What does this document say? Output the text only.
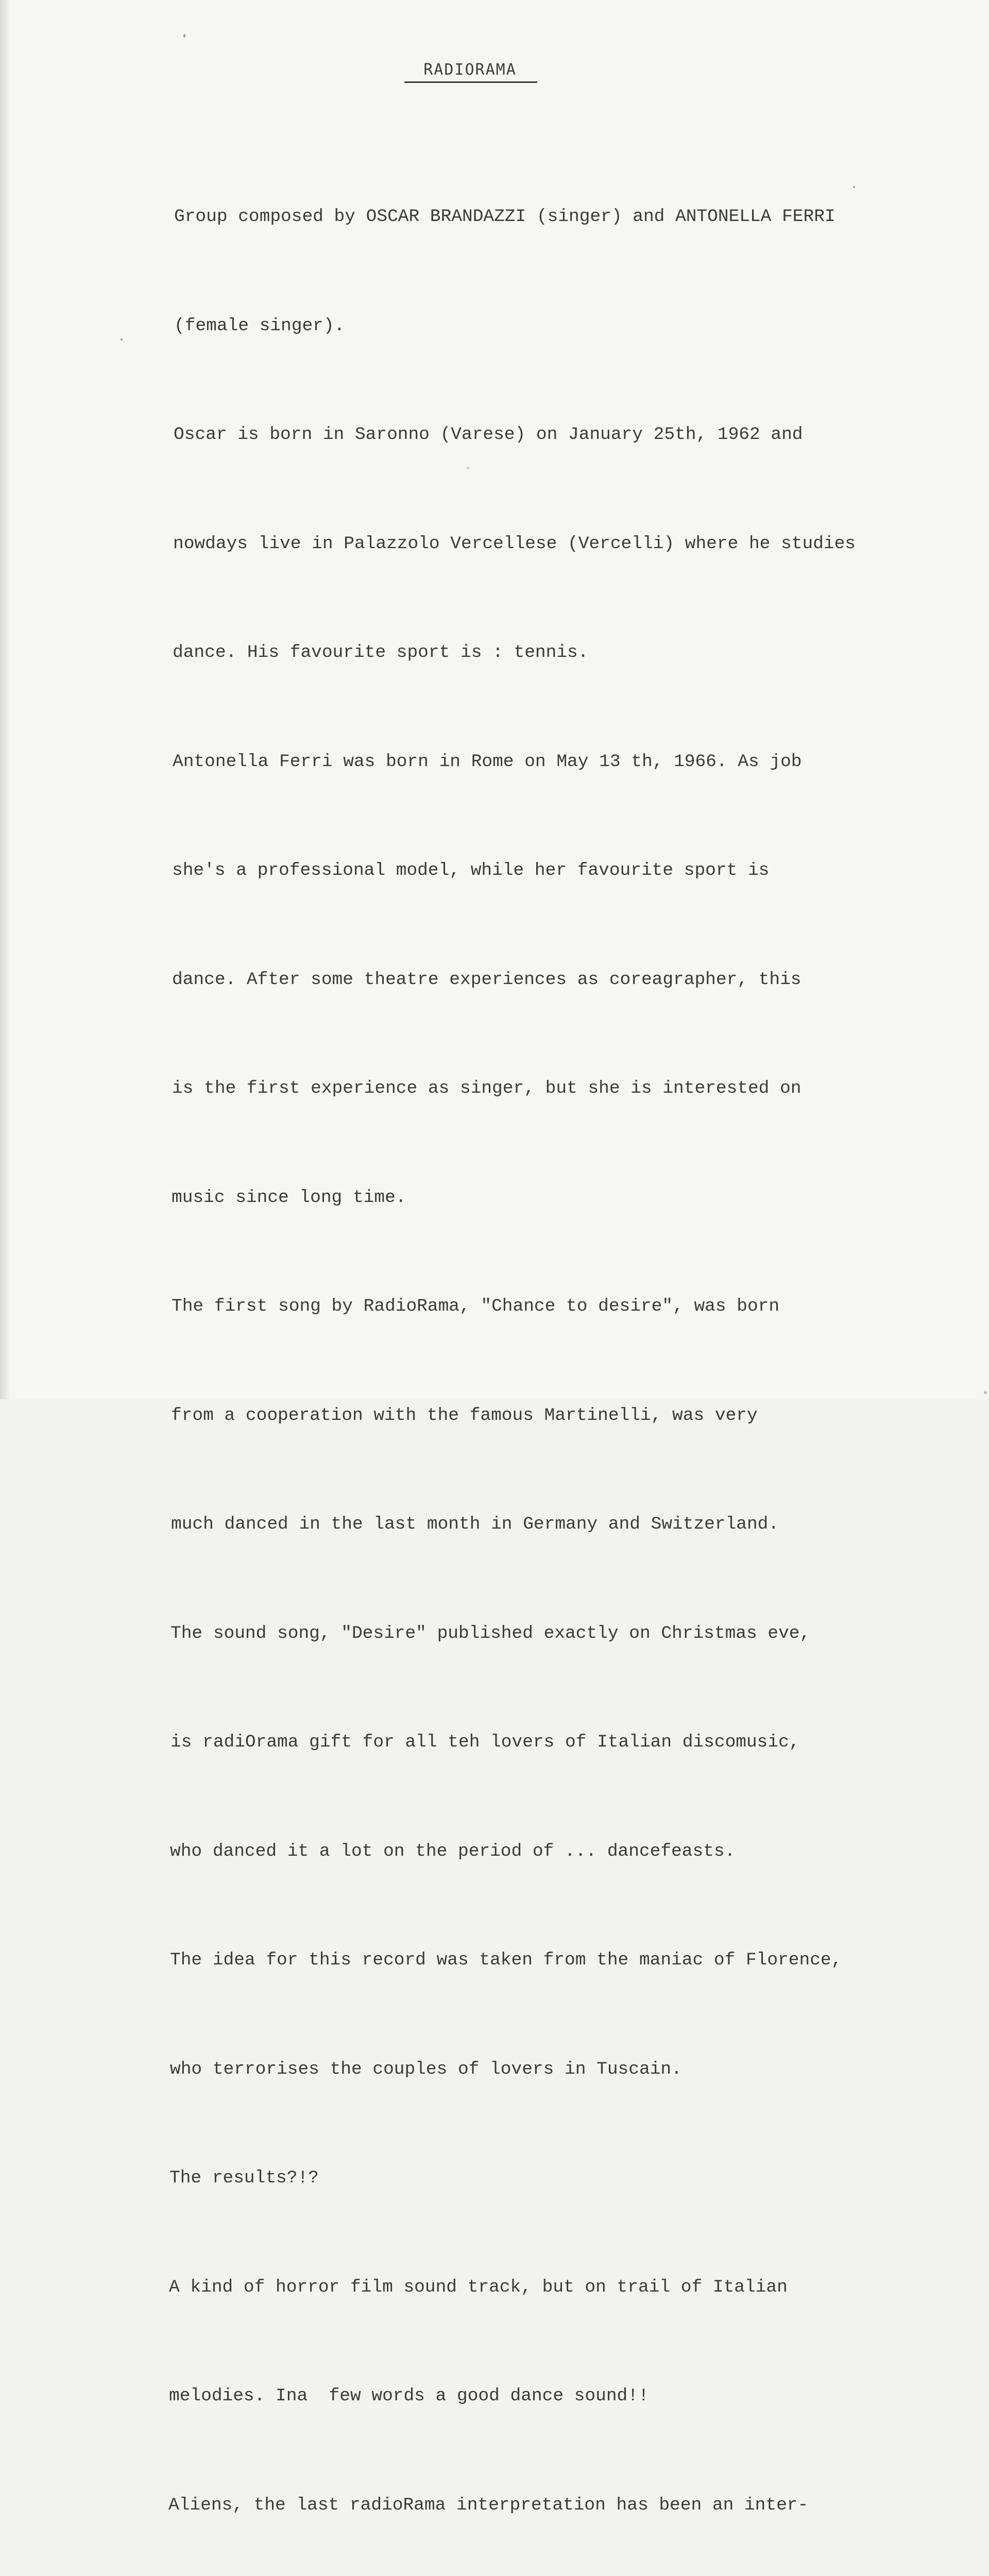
RADIORAMA

Group composed by OSCAR BRANDAZZI (singer) and ANTONELLA FERRI

(female singer).

Oscar is born in Saronno (Varese) on January 25th, 1962 and

nowdays live in Palazzolo Vercellese (Vercelli) where he studies

dance. His favourite sport is : tennis.

Antonella Ferri was born in Rome on May 13 th, 1966. As job

she's a professional model, while her favourite sport is

dance. After some theatre experiences as coreagrapher, this

is the first experience as singer, but she is interested on

music since long time.

The first song by RadioRama, "Chance to desire", was born

from a cooperation with the famous Martinelli, was very

much danced in the last month in Germany and Switzerland.

The sound song, "Desire" published exactly on Christmas eve,

is radiOrama gift for all teh lovers of Italian discomusic,

who danced it a lot on the period of ... dancefeasts.

The idea for this record was taken from the maniac of Florence,

who terrorises the couples of lovers in Tuscain.

The results?!?

A kind of horror film sound track, but on trail of Italian

melodies. Ina  few words a good dance sound!!

Aliens, the last radioRama interpretation has been an inter-
